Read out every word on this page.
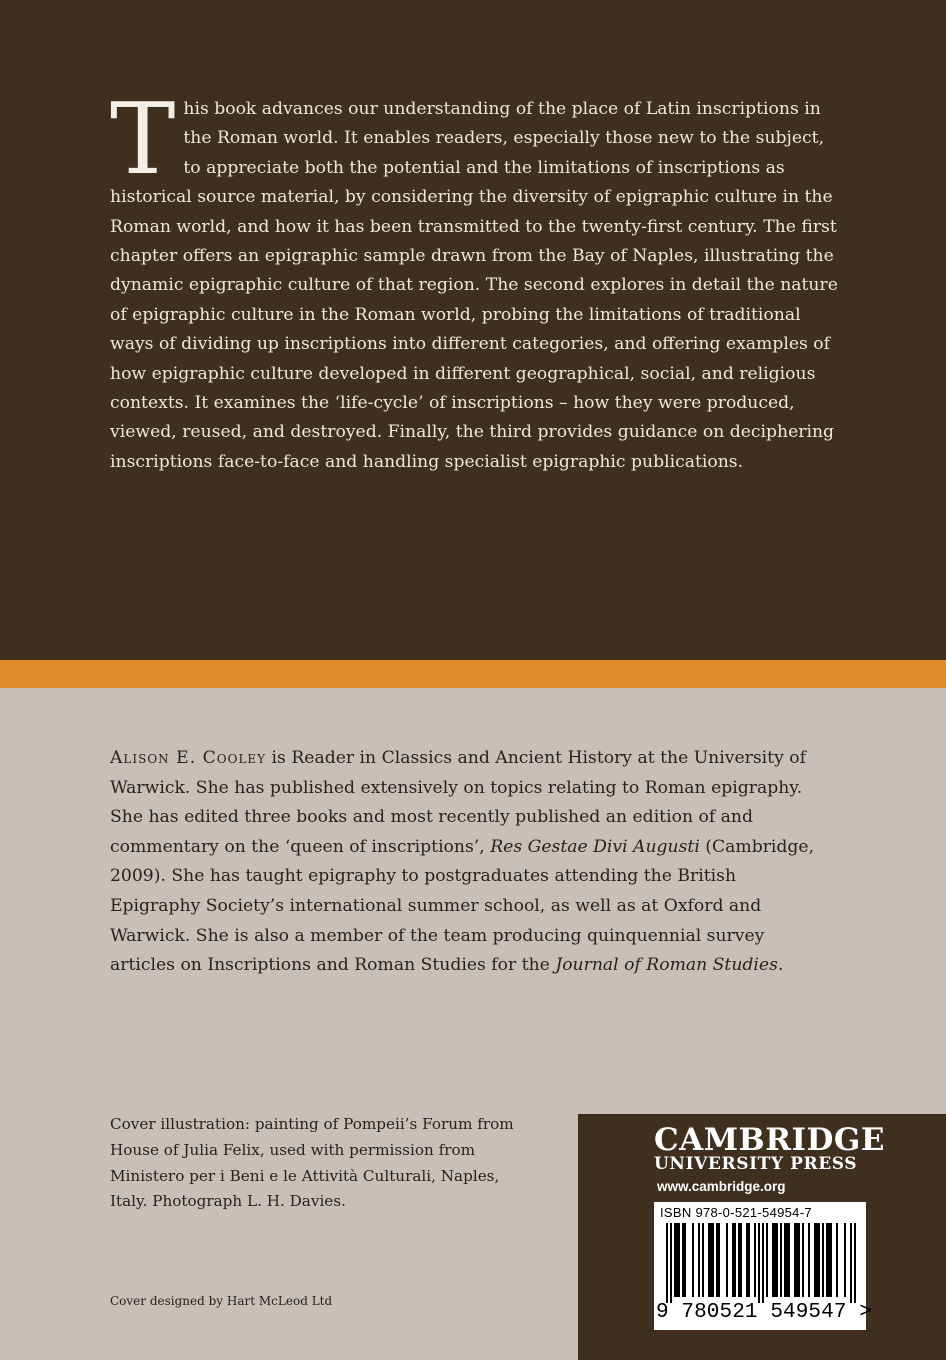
This book advances our understanding of the place of Latin inscriptions in the Roman world. It enables readers, especially those new to the subject, to appreciate both the potential and the limitations of inscriptions as historical source material, by considering the diversity of epigraphic culture in the Roman world, and how it has been transmitted to the twenty-first century. The first chapter offers an epigraphic sample drawn from the Bay of Naples, illustrating the dynamic epigraphic culture of that region. The second explores in detail the nature of epigraphic culture in the Roman world, probing the limitations of traditional ways of dividing up inscriptions into different categories, and offering examples of how epigraphic culture developed in different geographical, social, and religious contexts. It examines the ‘life-cycle’ of inscriptions – how they were produced, viewed, reused, and destroyed. Finally, the third provides guidance on deciphering inscriptions face-to-face and handling specialist epigraphic publications.

Alison E. Cooley is Reader in Classics and Ancient History at the University of Warwick. She has published extensively on topics relating to Roman epigraphy. She has edited three books and most recently published an edition of and commentary on the ‘queen of inscriptions’, Res Gestae Divi Augusti (Cambridge, 2009). She has taught epigraphy to postgraduates attending the British Epigraphy Society’s international summer school, as well as at Oxford and Warwick. She is also a member of the team producing quinquennial survey articles on Inscriptions and Roman Studies for the Journal of Roman Studies.

Cover illustration: painting of Pompeii’s Forum from House of Julia Felix, used with permission from Ministero per i Beni e le Attività Culturali, Naples, Italy. Photograph L. H. Davies.

Cover designed by Hart McLeod Ltd

CAMBRIDGE
UNIVERSITY PRESS
www.cambridge.org
ISBN 978-0-521-54954-7
9 780521 549547 >
